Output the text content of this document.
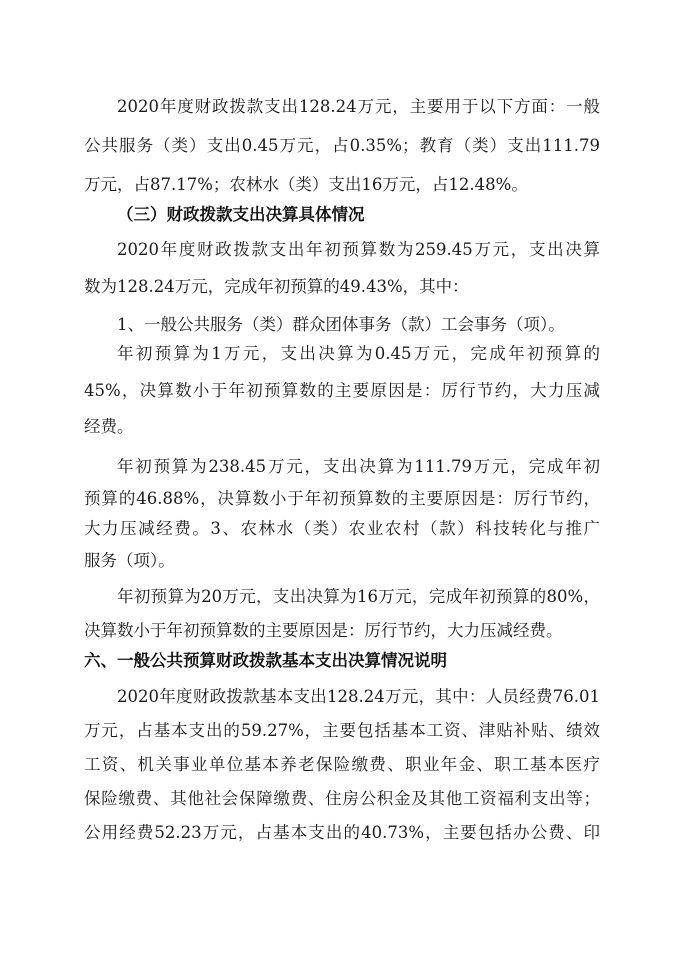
2020年度财政拨款支出128.24万元，主要用于以下方面：一般

公共服务（类）支出0.45万元，占0.35%；教育（类）支出111.79

万元，占87.17%；农林水（类）支出16万元，占12.48%。

（三）财政拨款支出决算具体情况

2020年度财政拨款支出年初预算数为259.45万元，支出决算

数为128.24万元，完成年初预算的49.43%，其中：

1、一般公共服务（类）群众团体事务（款）工会事务（项）。

年初预算为1万元，支出决算为0.45万元，完成年初预算的

45%，决算数小于年初预算数的主要原因是：厉行节约，大力压减

经费。

年初预算为238.45万元，支出决算为111.79万元，完成年初

预算的46.88%，决算数小于年初预算数的主要原因是：厉行节约，

大力压减经费。3、农林水（类）农业农村（款）科技转化与推广

服务（项）。

年初预算为20万元，支出决算为16万元，完成年初预算的80%，

决算数小于年初预算数的主要原因是：厉行节约，大力压减经费。

六、一般公共预算财政拨款基本支出决算情况说明

2020年度财政拨款基本支出128.24万元，其中：人员经费76.01

万元，占基本支出的59.27%，主要包括基本工资、津贴补贴、绩效

工资、机关事业单位基本养老保险缴费、职业年金、职工基本医疗

保险缴费、其他社会保障缴费、住房公积金及其他工资福利支出等；

公用经费52.23万元，占基本支出的40.73%，主要包括办公费、印
